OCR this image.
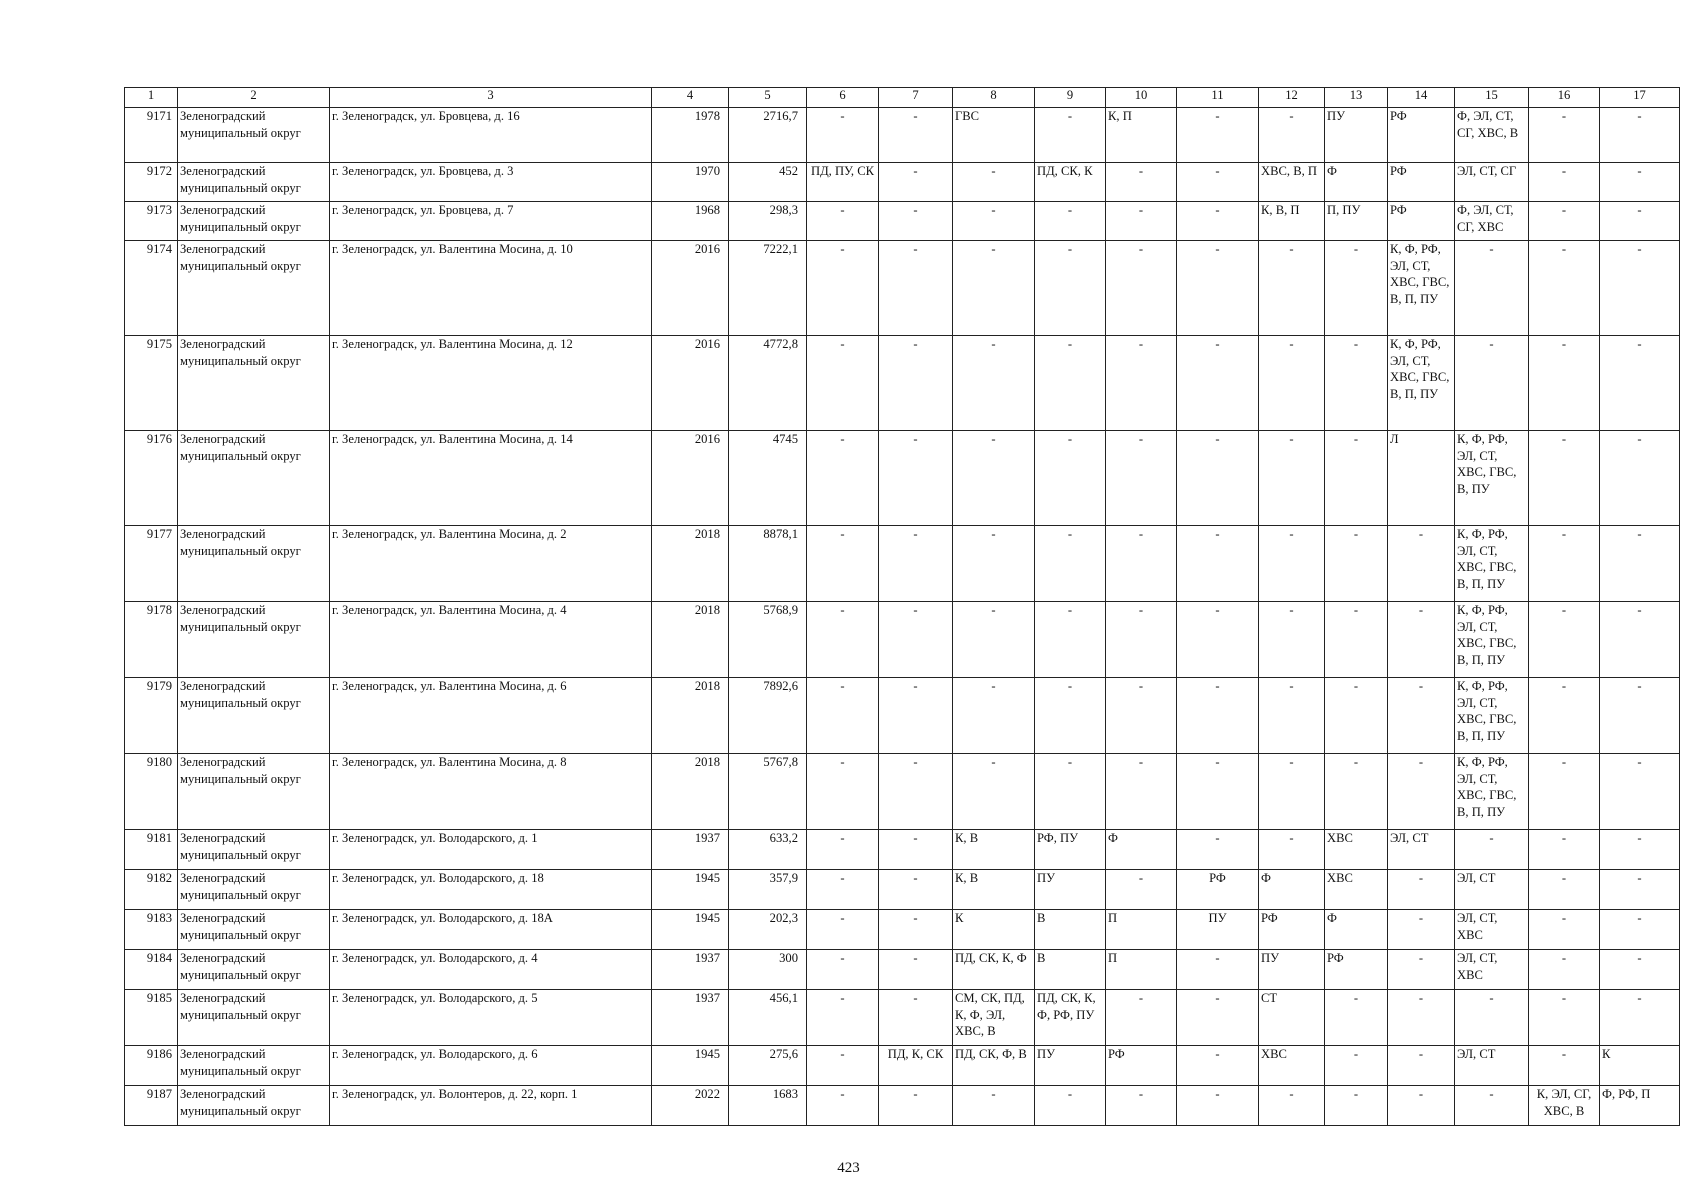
1	2	3	4	5	6	7	8	9	10	11	12	13	14	15	16	17
9171	Зеленоградский муниципальный округ	г. Зеленоградск, ул. Бровцева, д. 16	1978	2716,7	-	-	ГВС	-	К, П	-	-	ПУ	РФ	Ф, ЭЛ, СТ, СГ, ХВС, В	-	-
9172	Зеленоградский муниципальный округ	г. Зеленоградск, ул. Бровцева, д. 3	1970	452	ПД, ПУ, СК	-	-	ПД, СК, К	-	-	ХВС, В, П	Ф	РФ	ЭЛ, СТ, СГ	-	-
9173	Зеленоградский муниципальный округ	г. Зеленоградск, ул. Бровцева, д. 7	1968	298,3	-	-	-	-	-	-	К, В, П	П, ПУ	РФ	Ф, ЭЛ, СТ, СГ, ХВС	-	-
9174	Зеленоградский муниципальный округ	г. Зеленоградск, ул. Валентина Мосина, д. 10	2016	7222,1	-	-	-	-	-	-	-	-	К, Ф, РФ, ЭЛ, СТ, ХВС, ГВС, В, П, ПУ	-	-	-
9175	Зеленоградский муниципальный округ	г. Зеленоградск, ул. Валентина Мосина, д. 12	2016	4772,8	-	-	-	-	-	-	-	-	К, Ф, РФ, ЭЛ, СТ, ХВС, ГВС, В, П, ПУ	-	-	-
9176	Зеленоградский муниципальный округ	г. Зеленоградск, ул. Валентина Мосина, д. 14	2016	4745	-	-	-	-	-	-	-	-	Л	К, Ф, РФ, ЭЛ, СТ, ХВС, ГВС, В, ПУ	-	-
9177	Зеленоградский муниципальный округ	г. Зеленоградск, ул. Валентина Мосина, д. 2	2018	8878,1	-	-	-	-	-	-	-	-	-	К, Ф, РФ, ЭЛ, СТ, ХВС, ГВС, В, П, ПУ	-	-
9178	Зеленоградский муниципальный округ	г. Зеленоградск, ул. Валентина Мосина, д. 4	2018	5768,9	-	-	-	-	-	-	-	-	-	К, Ф, РФ, ЭЛ, СТ, ХВС, ГВС, В, П, ПУ	-	-
9179	Зеленоградский муниципальный округ	г. Зеленоградск, ул. Валентина Мосина, д. 6	2018	7892,6	-	-	-	-	-	-	-	-	-	К, Ф, РФ, ЭЛ, СТ, ХВС, ГВС, В, П, ПУ	-	-
9180	Зеленоградский муниципальный округ	г. Зеленоградск, ул. Валентина Мосина, д. 8	2018	5767,8	-	-	-	-	-	-	-	-	-	К, Ф, РФ, ЭЛ, СТ, ХВС, ГВС, В, П, ПУ	-	-
9181	Зеленоградский муниципальный округ	г. Зеленоградск, ул. Володарского, д. 1	1937	633,2	-	-	К, В	РФ, ПУ	Ф	-	-	ХВС	ЭЛ, СТ	-	-	-
9182	Зеленоградский муниципальный округ	г. Зеленоградск, ул. Володарского, д. 18	1945	357,9	-	-	К, В	ПУ	-	РФ	Ф	ХВС	-	ЭЛ, СТ	-	-
9183	Зеленоградский муниципальный округ	г. Зеленоградск, ул. Володарского, д. 18А	1945	202,3	-	-	К	В	П	ПУ	РФ	Ф	-	ЭЛ, СТ, ХВС	-	-
9184	Зеленоградский муниципальный округ	г. Зеленоградск, ул. Володарского, д. 4	1937	300	-	-	ПД, СК, К, Ф	В	П	-	ПУ	РФ	-	ЭЛ, СТ, ХВС	-	-
9185	Зеленоградский муниципальный округ	г. Зеленоградск, ул. Володарского, д. 5	1937	456,1	-	-	СМ, СК, ПД, К, Ф, ЭЛ, ХВС, В	ПД, СК, К, Ф, РФ, ПУ	-	-	СТ	-	-	-	-	-
9186	Зеленоградский муниципальный округ	г. Зеленоградск, ул. Володарского, д. 6	1945	275,6	-	ПД, К, СК	ПД, СК, Ф, В	ПУ	РФ	-	ХВС	-	-	ЭЛ, СТ	-	К
9187	Зеленоградский муниципальный округ	г. Зеленоградск, ул. Волонтеров, д. 22, корп. 1	2022	1683	-	-	-	-	-	-	-	-	-	-	К, ЭЛ, СГ, ХВС, В	Ф, РФ, П
423
